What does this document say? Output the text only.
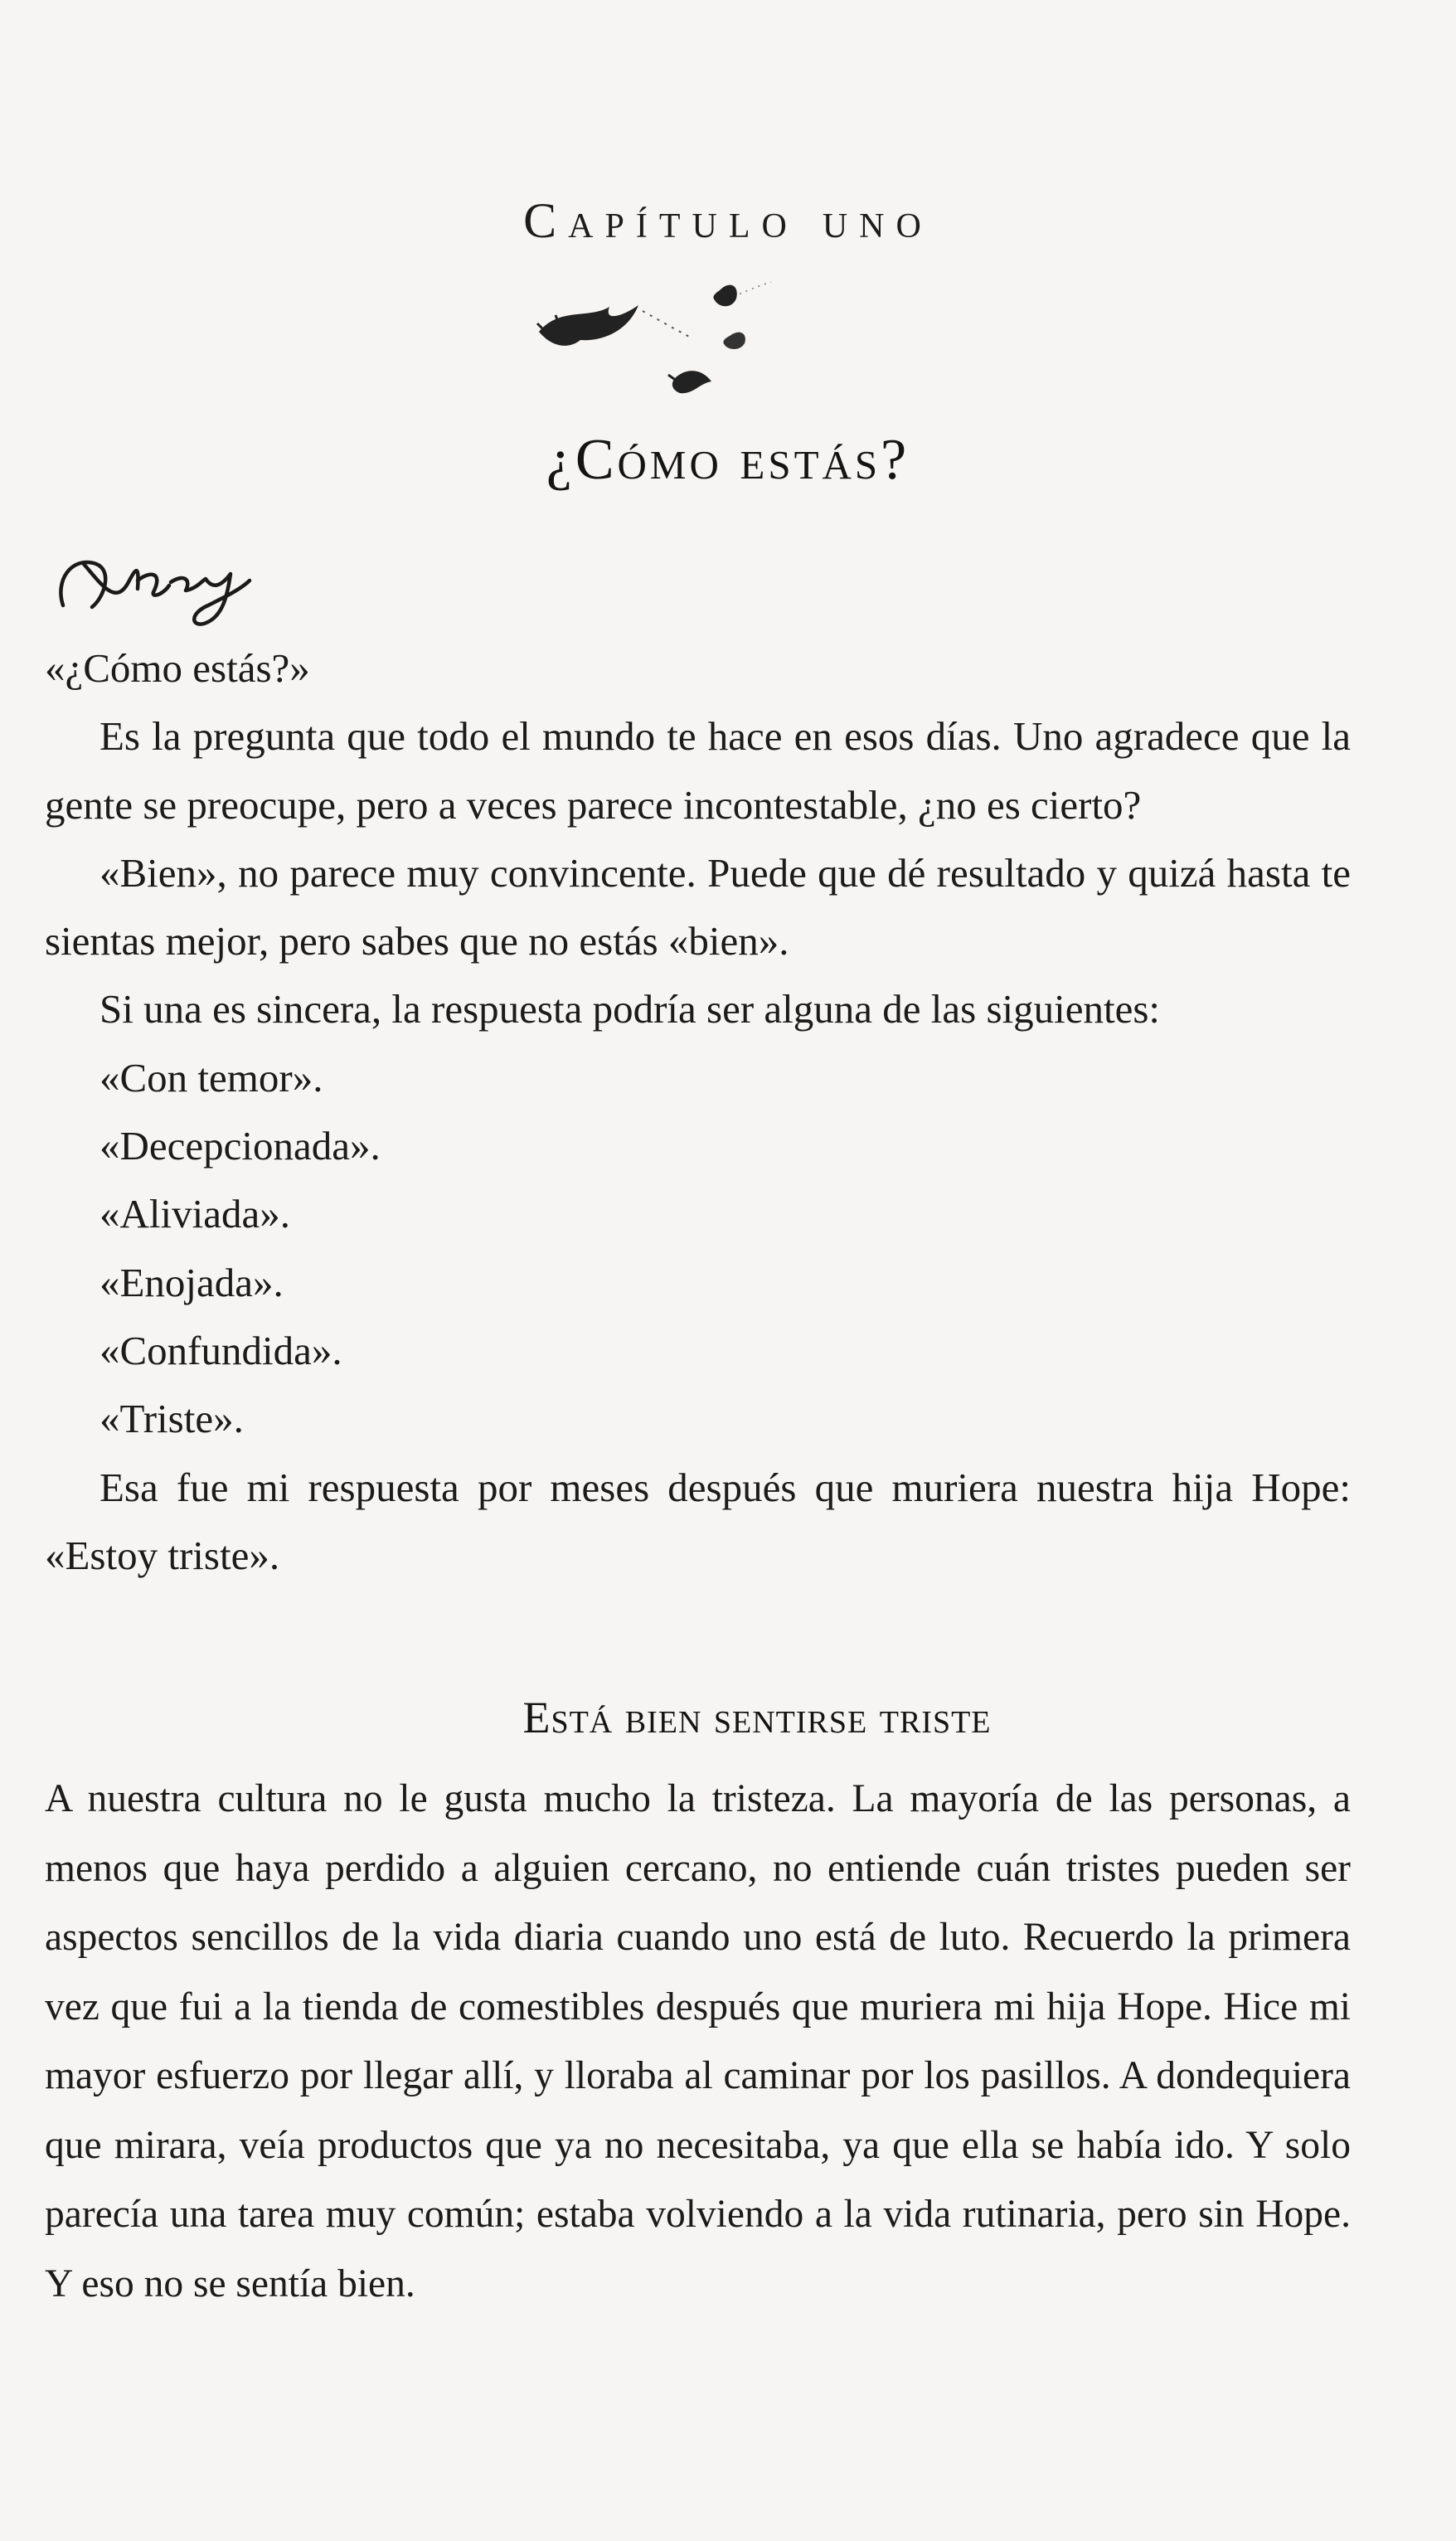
Capítulo uno
¿Cómo estás?

«¿Cómo estás?»

Es la pregunta que todo el mundo te hace en esos días. Uno agradece que la gente se preocupe, pero a veces parece incontestable, ¿no es cierto?

«Bien», no parece muy convincente. Puede que dé resultado y quizá hasta te sientas mejor, pero sabes que no estás «bien».

Si una es sincera, la respuesta podría ser alguna de las siguientes:

«Con temor».

«Decepcionada».

«Aliviada».

«Enojada».

«Confundida».

«Triste».

Esa fue mi respuesta por meses después que muriera nuestra hija Hope: «Estoy triste».

Está bien sentirse triste

A nuestra cultura no le gusta mucho la tristeza. La mayoría de las personas, a menos que haya perdido a alguien cercano, no entiende cuán tristes pueden ser aspectos sencillos de la vida diaria cuando uno está de luto. Recuerdo la primera vez que fui a la tienda de comestibles después que muriera mi hija Hope. Hice mi mayor esfuerzo por llegar allí, y lloraba al caminar por los pasillos. A dondequiera que mirara, veía productos que ya no necesitaba, ya que ella se había ido. Y solo parecía una tarea muy común; estaba volviendo a la vida rutinaria, pero sin Hope. Y eso no se sentía bien.
